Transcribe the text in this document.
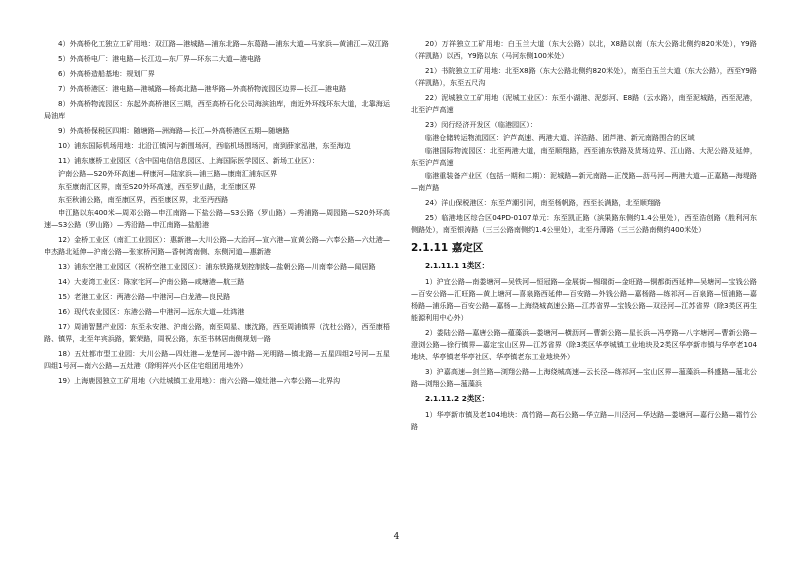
4）外高桥化工独立工矿用地：双江路—港城路—浦东北路—东葛路—浦东大道—马家浜—黄浦江—双江路

5）外高桥电厂：港电路—长江边—东厂界—环东二大道—港电路

6）外高桥造船基地：规划厂界

7）外高桥港区：港电路—港城路—杨高北路—港华路—外高桥物流园区边界—长江—港电路

8）外高桥物流园区：东起外高桥港区三期，西至高桥石化公司海滨油库，南近外环线环东大道，北靠海运局油库

9）外高桥保税区四期：随塘路—洲海路—长江—外高桥港区五期—随塘路

10）浦东国际机场用地：北沿江镇河与新围场河，西临机场围场河，南到薛家泓港，东至海边

11）浦东康桥工业园区（含中国电信信息园区、上海国际医学园区、新场工业区）：

沪南公路—S20外环高速—秤康河—陆家浜—浦三路—康南汇浦东区界

东至康南汇区界，南至S20外环高速，西至罗山路，北至康区界

东至秋浦公路，南至康区界，西至康区界，北至沔西路

申江路以东400米—周邓公路—申江南路—下盐公路—S3公路（罗山路）—秀浦路—周园路—S20外环高速—S3公路（罗山路）—秀沿路—申江南路—盐船港

12）金桥工业区（南汇工业园区）：惠新港—大川公路—大治河—宣六港—宣黄公路—六奉公路—六灶港—申杰路北延伸—沪南公路—张家桥河路—香树湾南侧、东侧河道—惠新港

13）浦东空港工业园区（祝桥空港工业园区）：浦东铁路规划控制线—盐朝公路—川南奉公路—闻居路

14）大麦湾工业区：陈家宅河—沪南公路—咸塘港—航三路

15）老港工业区：两港公路—中港河—白龙港—良民路

16）现代农业园区：东港公路—中港河—远东大道—灶鸿港

17）周浦智慧产业园：东至永安港、沪南公路，南至周星、康沈路，西至周浦镇界（沈杜公路），西至康梧路、镇界，北至年宾浜路，繁荣路，周祝公路，东至书林居南侧规划一路

18）五灶都市型工业园：大川公路—四灶港—龙楚河—游中路—光明路—镇北路—五星四组2号河—五星四组1号河—南六公路—五灶港（除明祥兴小区住宅组团用地外）

19）上海鹿园独立工矿用地（六灶城镇工业用地）：南六公路—煌灶港—六奉公路—北界沟

20）万祥独立工矿用地：白玉兰大道（东大公路）以北，X8路以南（东大公路北侧约820米处），Y9路（祥凯路）以西，Y9路以东（马河东侧100米处）

21）书院独立工矿用地：北至X8路（东大公路北侧约820米处），南至白玉兰大道（东大公路），西至Y9路（祥凯路），东至五尺沟

22）泥城独立工矿用地（泥城工业区）：东至小湖港、泥彭河、E8路（云水路），南至泥城路，西至泥港，北至沪芦高速

23）闵行经济开发区（临港园区）：

临港仓储转运物流园区：沪芦高速、两港大道、洋浩路、团芦港、新元南路围合的区域

临港国际物流园区：北至两港大道，南至顺翔路，西至浦东铁路及货场边界、江山路、大泥公路及延伸，东至沪芦高速

临港重装备产业区（包括一期和二期）：泥城路—新元南路—正茂路—沥马河—两港大道—正嘉路—海堤路—南芦路

24）洋山保税港区：东至芦潮引河，南至杨帆路，西至长满路，北至顺翔路

25）临港地区综合区04PD-0107单元：东至凯正路（滨果路东侧约1.4公里处），西至浩创路（胜利河东侧路处），南至银涛路（三三公路南侧约1.4公里处），北至丹薄路（三三公路南侧约400米处）

2.1.11 嘉定区
2.1.11.1 1类区：

1）沪宜公路—南娄塘河—吴铁河—恒冠路—金展街—锡瑞街—金旺路—铜都街西延伸—吴塘河—宝钱公路—百安公路—汇旺路—黄上塘河—喜泉路西延伸—百安路—外钱公路—嘉杨路—练祁河—百泉路—恒浦路—嘉杨路—浦乐路—百安公路—嘉杨—上海绕城高速公路—江苏省界—宝钱公路—双泾河—江苏省界（除3类区再生能源利用中心外）

2）娄陆公路—嘉唐公路—蕴藻浜—娄塘河—横沥河—曹新公路—星长浜—冯亭路—八字塘河—曹新公路—澄浏公路—徐行镇界—嘉定宝山区界—江苏省界（除3类区华亭城镇工业地块及2类区华亭新市镇与华亭老104地块、华亭镇老华亭社区、华亭镇老东工业地块外）

3）沪嘉高速—剑兰路—浏翔公路—上海绕城高速—云长泾—练祁河—宝山区界—蕰藻浜—科盛路—蕰北公路—浏翔公路—蕰藻浜

2.1.11.2 2类区：

1）华亭新市镇及老104地块：高竹路—高石公路—华立路—川泾河—华达路—娄塘河—嘉行公路—霜竹公路

4
